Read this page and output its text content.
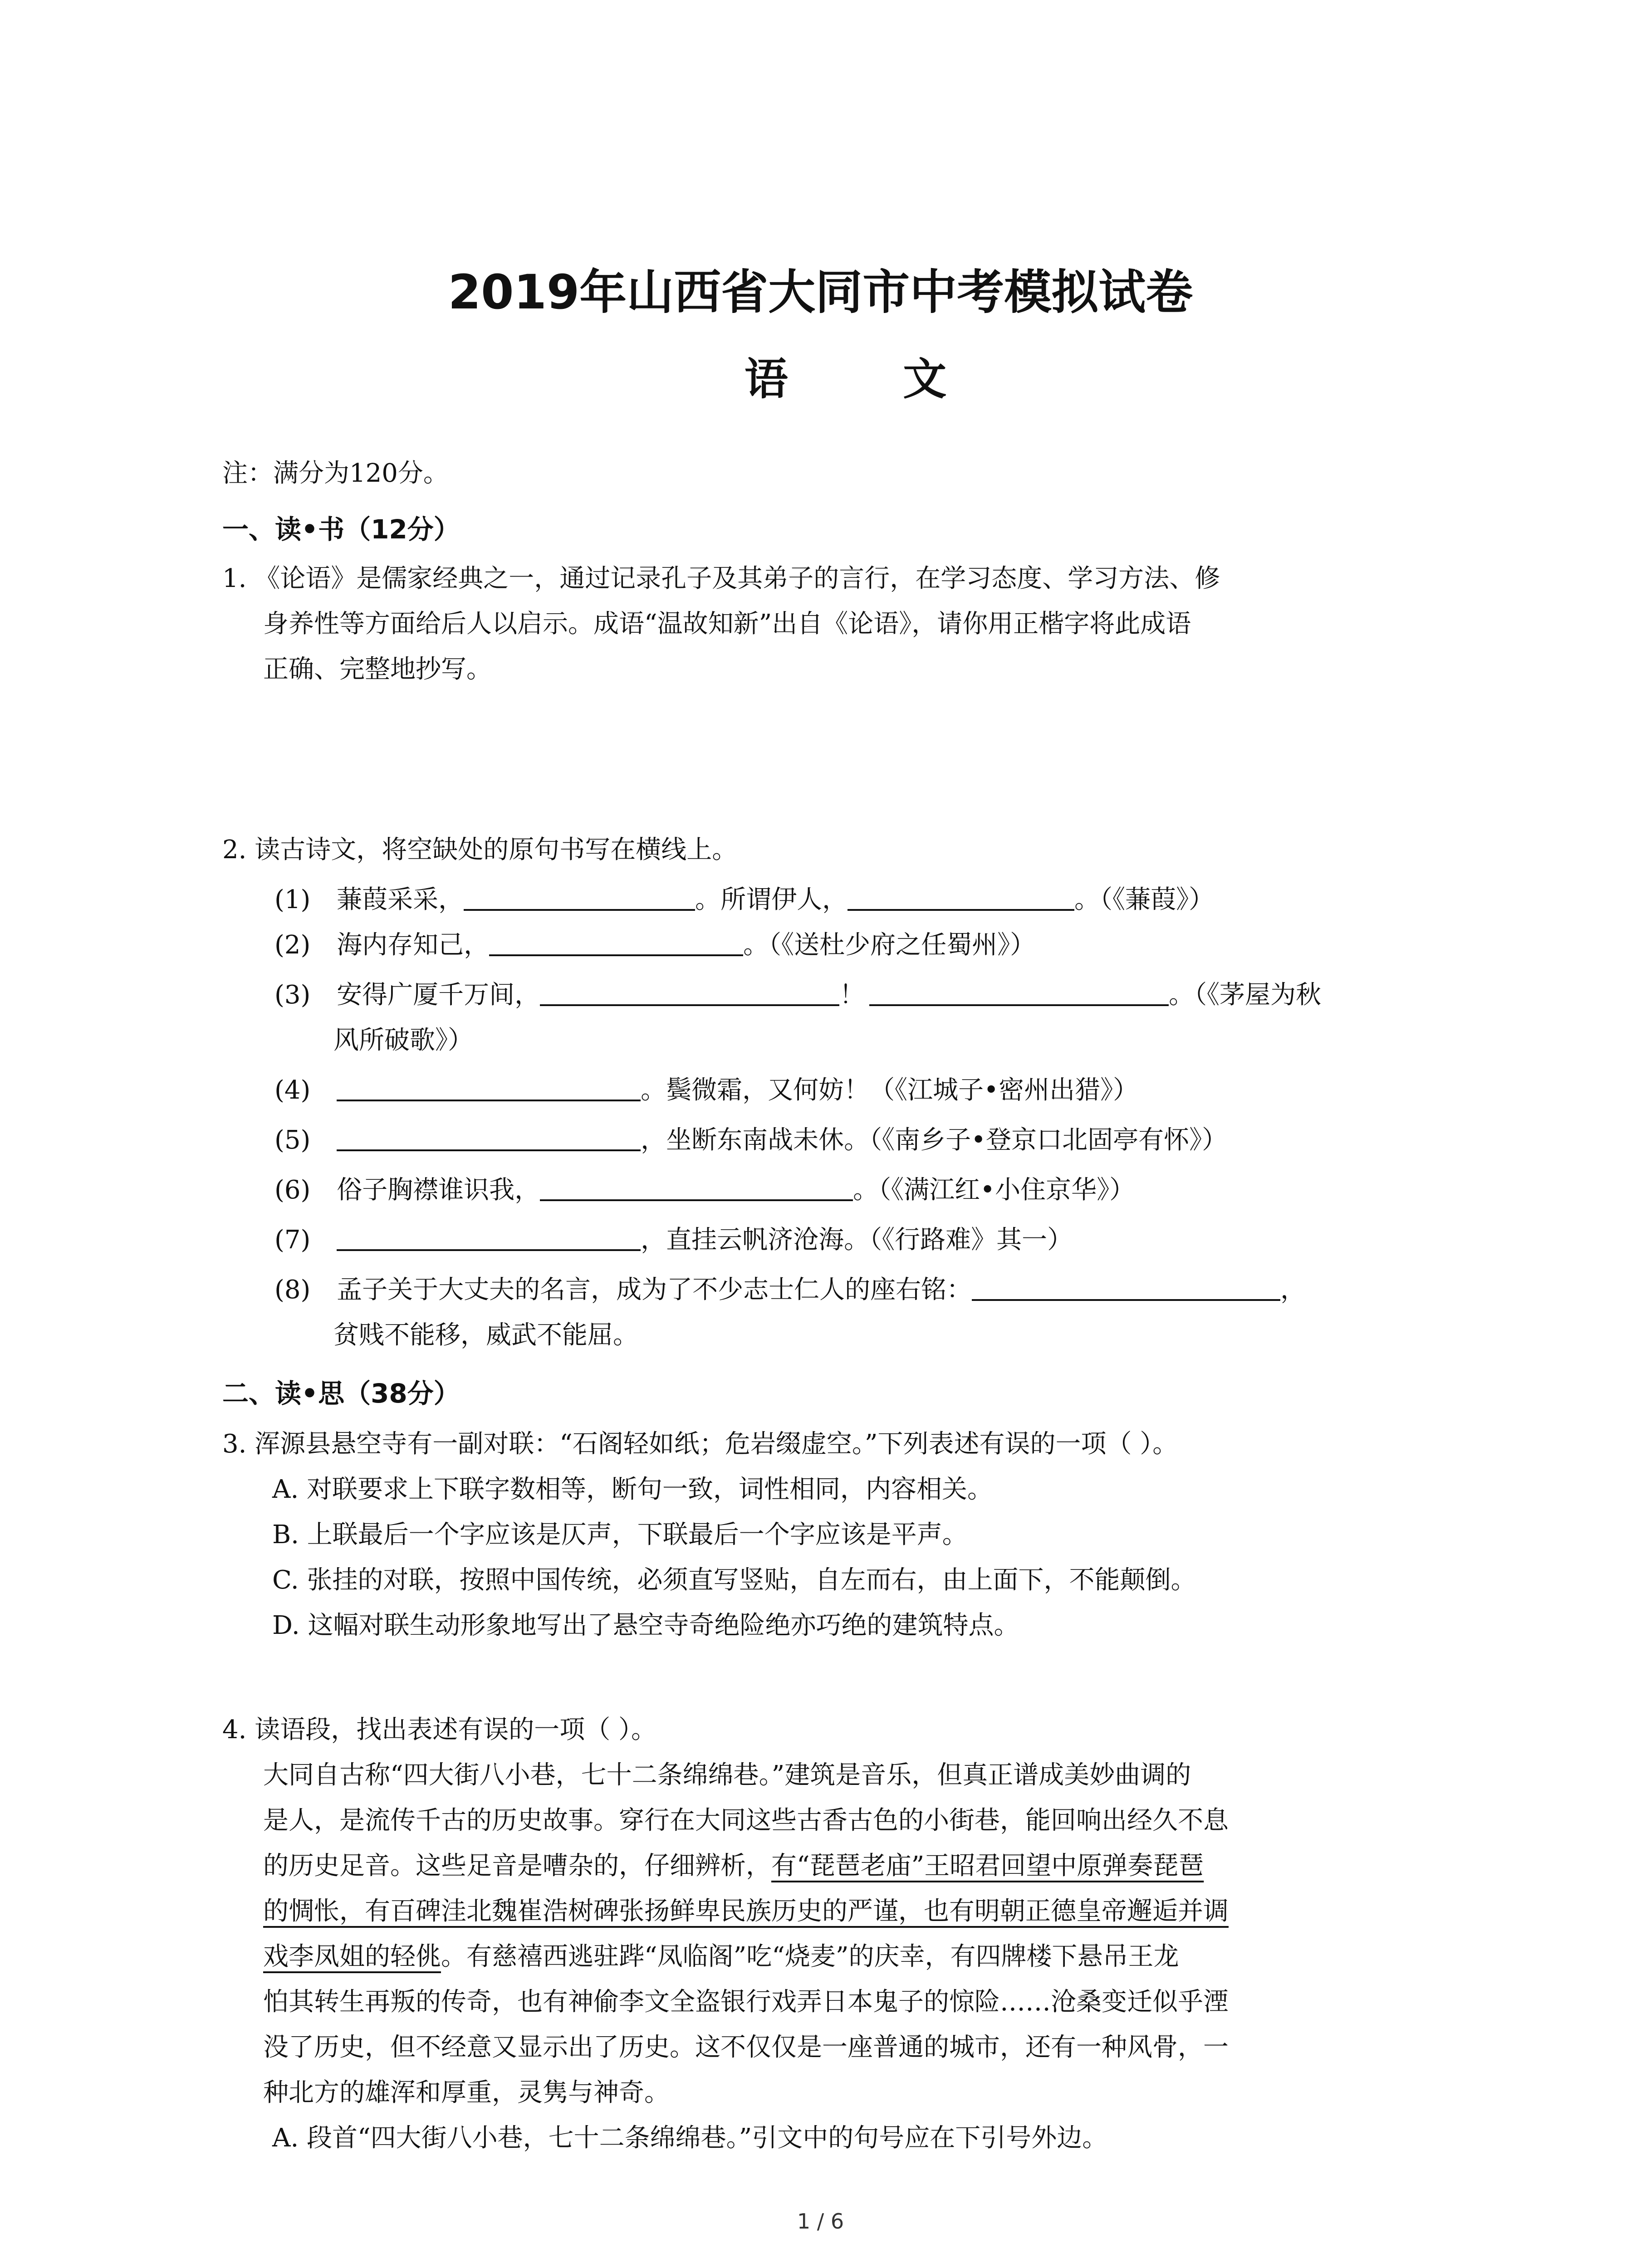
2019年山西省大同市中考模拟试卷
语 文
注：满分为120分。
一、读•书（12分）
1. 《论语》是儒家经典之一，通过记录孔子及其弟子的言行，在学习态度、学习方法、修
身养性等方面给后人以启示。成语“温故知新”出自《论语》，请你用正楷字将此成语
正确、完整地抄写。
2. 读古诗文，将空缺处的原句书写在横线上。
(1) 蒹葭采采，	。所谓伊人，	。（《蒹葭》）
(2) 海内存知己，	。（《送杜少府之任蜀州》）
(3) 安得广厦千万间，	！	。（《茅屋为秋
风所破歌》）
(4)	。鬓微霜，又何妨！（《江城子•密州出猎》）
(5)	，坐断东南战未休。（《南乡子•登京口北固亭有怀》）
(6) 俗子胸襟谁识我，	。（《满江红•小住京华》）
(7)	，直挂云帆济沧海。（《行路难》其一）
(8) 孟子关于大丈夫的名言，成为了不少志士仁人的座右铭：	，
贫贱不能移，威武不能屈。
二、读•思（38分）
3. 浑源县悬空寺有一副对联：“石阁轻如纸；危岩缀虚空。”下列表述有误的一项（ ）。
A. 对联要求上下联字数相等，断句一致，词性相同，内容相关。
B. 上联最后一个字应该是仄声，下联最后一个字应该是平声。
C. 张挂的对联，按照中国传统，必须直写竖贴，自左而右，由上面下，不能颠倒。
D. 这幅对联生动形象地写出了悬空寺奇绝险绝亦巧绝的建筑特点。
4. 读语段，找出表述有误的一项（ ）。
大同自古称“四大街八小巷，七十二条绵绵巷。”建筑是音乐，但真正谱成美妙曲调的
是人，是流传千古的历史故事。穿行在大同这些古香古色的小街巷，能回响出经久不息
的历史足音。这些足音是嘈杂的，仔细辨析，有“琵琶老庙”王昭君回望中原弹奏琵琶
的惆怅，有百碑洼北魏崔浩树碑张扬鲜卑民族历史的严谨，也有明朝正德皇帝邂逅并调
戏李凤姐的轻佻。有慈禧西逃驻跸“凤临阁”吃“烧麦”的庆幸，有四牌楼下悬吊王龙
怕其转生再叛的传奇，也有神偷李文全盗银行戏弄日本鬼子的惊险……沧桑变迁似乎湮
没了历史，但不经意又显示出了历史。这不仅仅是一座普通的城市，还有一种风骨，一
种北方的雄浑和厚重，灵隽与神奇。
A. 段首“四大街八小巷，七十二条绵绵巷。”引文中的句号应在下引号外边。
1 / 6
